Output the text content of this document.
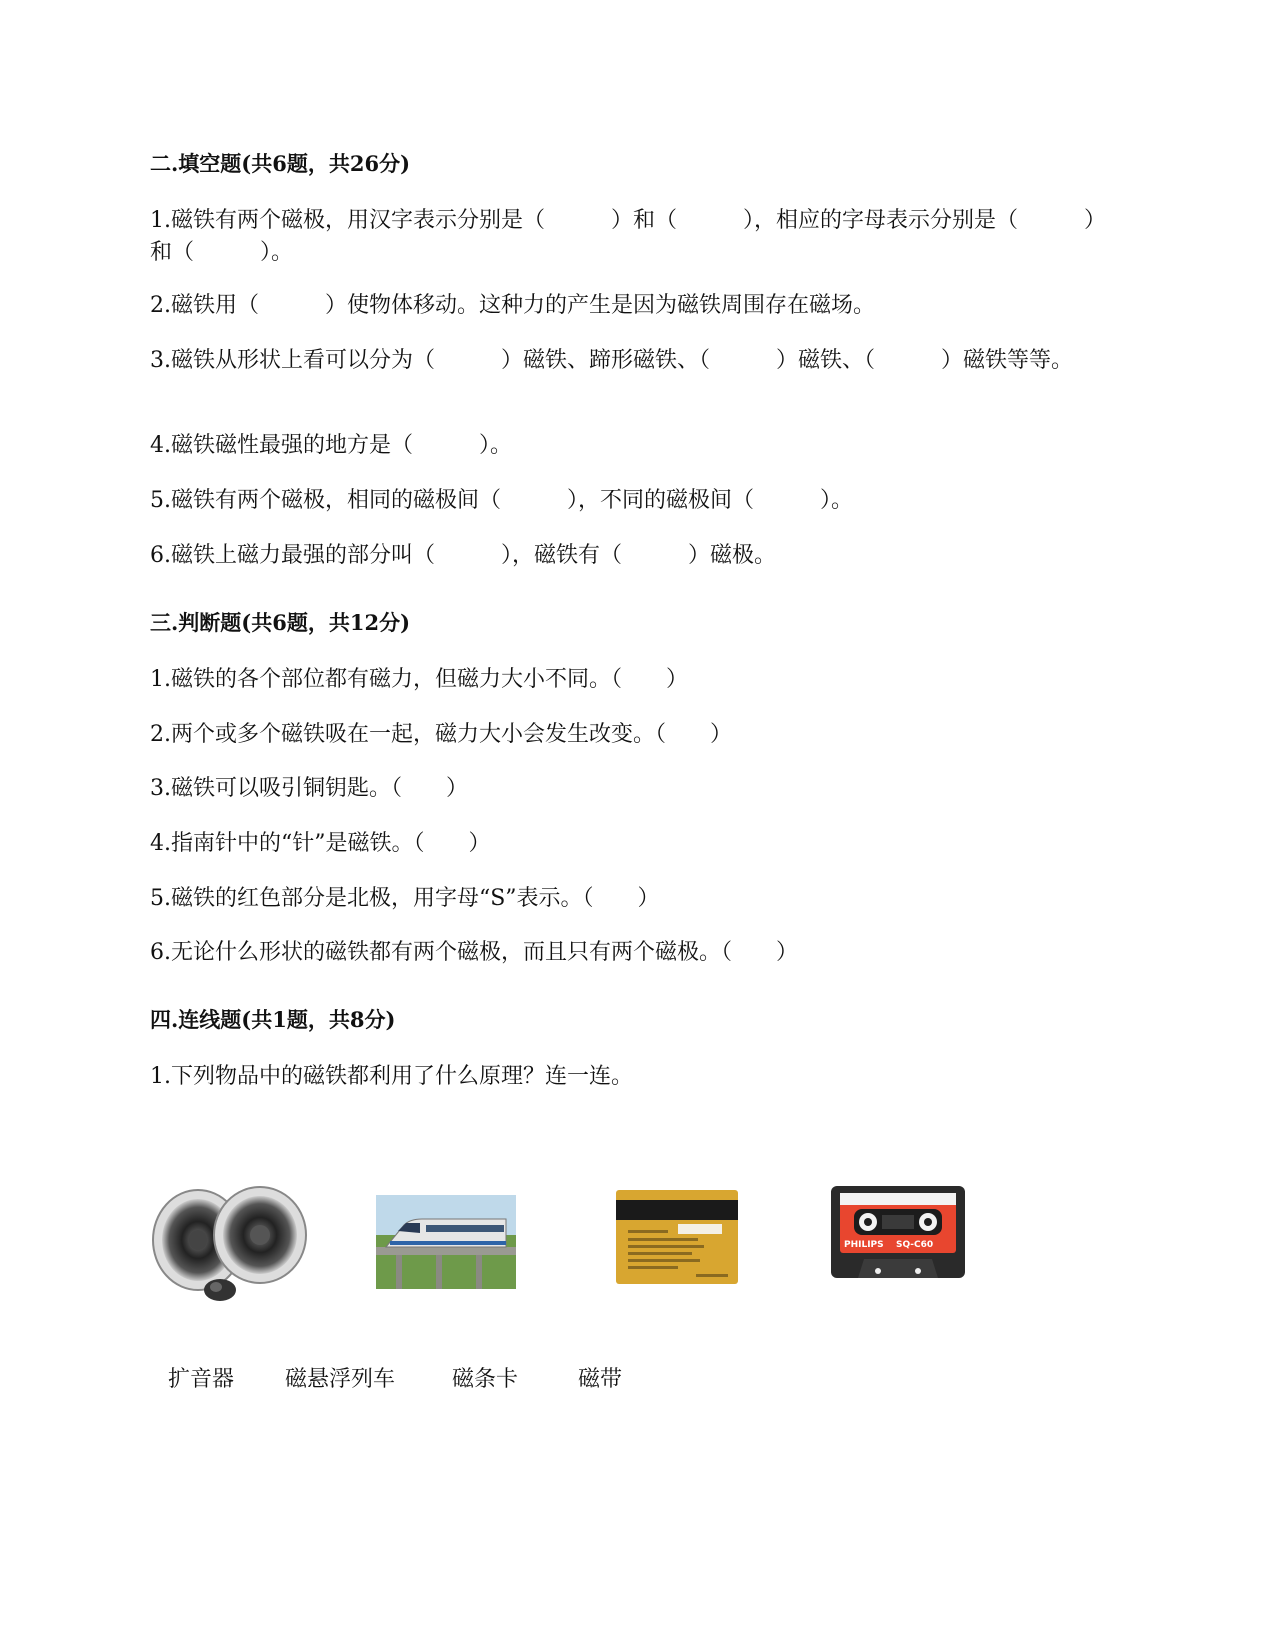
二.填空题(共6题，共26分)
1.磁铁有两个磁极，用汉字表示分别是（　　　）和（　　　），相应的字母表示分别是（　　　）和（　　　）。
2.磁铁用（　　　）使物体移动。这种力的产生是因为磁铁周围存在磁场。
3.磁铁从形状上看可以分为（　　　）磁铁、蹄形磁铁、（　　　）磁铁、（　　　）磁铁等等。
4.磁铁磁性最强的地方是（　　　）。
5.磁铁有两个磁极，相同的磁极间（　　　），不同的磁极间（　　　）。
6.磁铁上磁力最强的部分叫（　　　），磁铁有（　　　）磁极。
三.判断题(共6题，共12分)
1.磁铁的各个部位都有磁力，但磁力大小不同。（　　）
2.两个或多个磁铁吸在一起，磁力大小会发生改变。（　　）
3.磁铁可以吸引铜钥匙。（　　）
4.指南针中的“针”是磁铁。（　　）
5.磁铁的红色部分是北极，用字母“S”表示。（　　）
6.无论什么形状的磁铁都有两个磁极，而且只有两个磁极。（　　）
四.连线题(共1题，共8分)
1.下列物品中的磁铁都利用了什么原理？连一连。
PHILIPS SQ-C60
扩音器 磁悬浮列车	磁条卡	磁带
